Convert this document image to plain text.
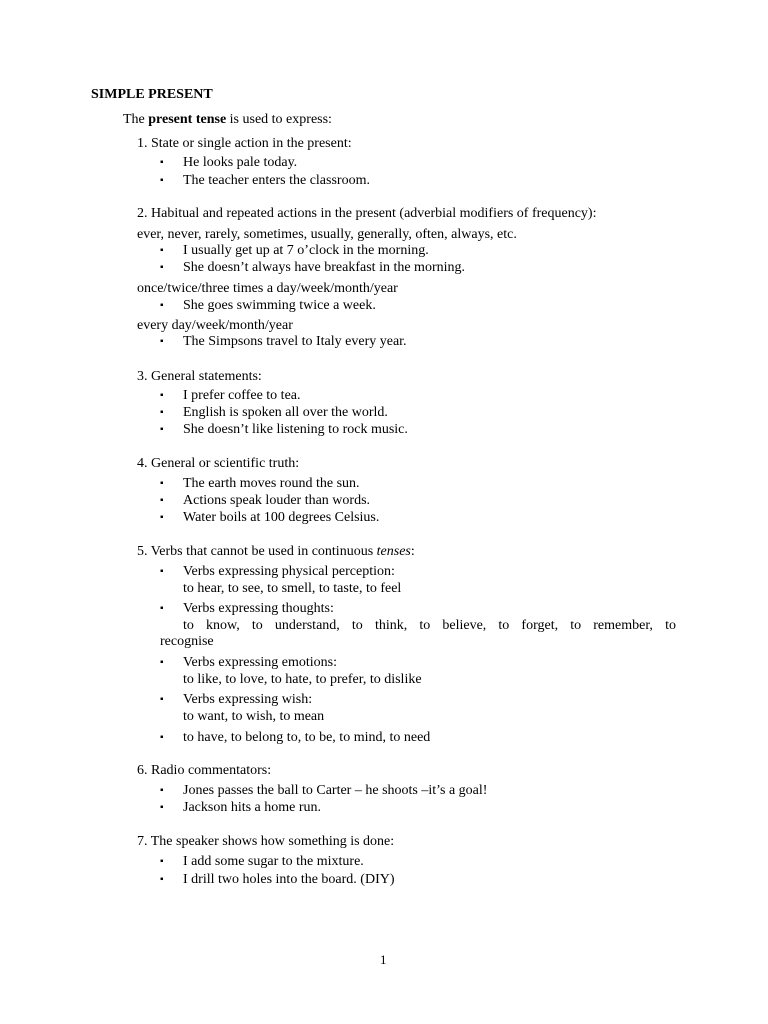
SIMPLE PRESENT
The present tense is used to express:
1. State or single action in the present:
▪ He looks pale today.
▪ The teacher enters the classroom.
2. Habitual and repeated actions in the present (adverbial modifiers of frequency):
ever, never, rarely, sometimes, usually, generally, often, always, etc.
▪ I usually get up at 7 o’clock in the morning.
▪ She doesn’t always have breakfast in the morning.
once/twice/three times a day/week/month/year
▪ She goes swimming twice a week.
every day/week/month/year
▪ The Simpsons travel to Italy every year.
3. General statements:
▪ I prefer coffee to tea.
▪ English is spoken all over the world.
▪ She doesn’t like listening to rock music.
4. General or scientific truth:
▪ The earth moves round the sun.
▪ Actions speak louder than words.
▪ Water boils at 100 degrees Celsius.
5. Verbs that cannot be used in continuous tenses:
▪ Verbs expressing physical perception:
to hear, to see, to smell, to taste, to feel
▪ Verbs expressing thoughts:
to know, to understand, to think, to believe, to forget, to remember, to
recognise
▪ Verbs expressing emotions:
to like, to love, to hate, to prefer, to dislike
▪ Verbs expressing wish:
to want, to wish, to mean
▪ to have, to belong to, to be, to mind, to need
6. Radio commentators:
▪ Jones passes the ball to Carter – he shoots –it’s a goal!
▪ Jackson hits a home run.
7. The speaker shows how something is done:
▪ I add some sugar to the mixture.
▪ I drill two holes into the board. (DIY)
1
